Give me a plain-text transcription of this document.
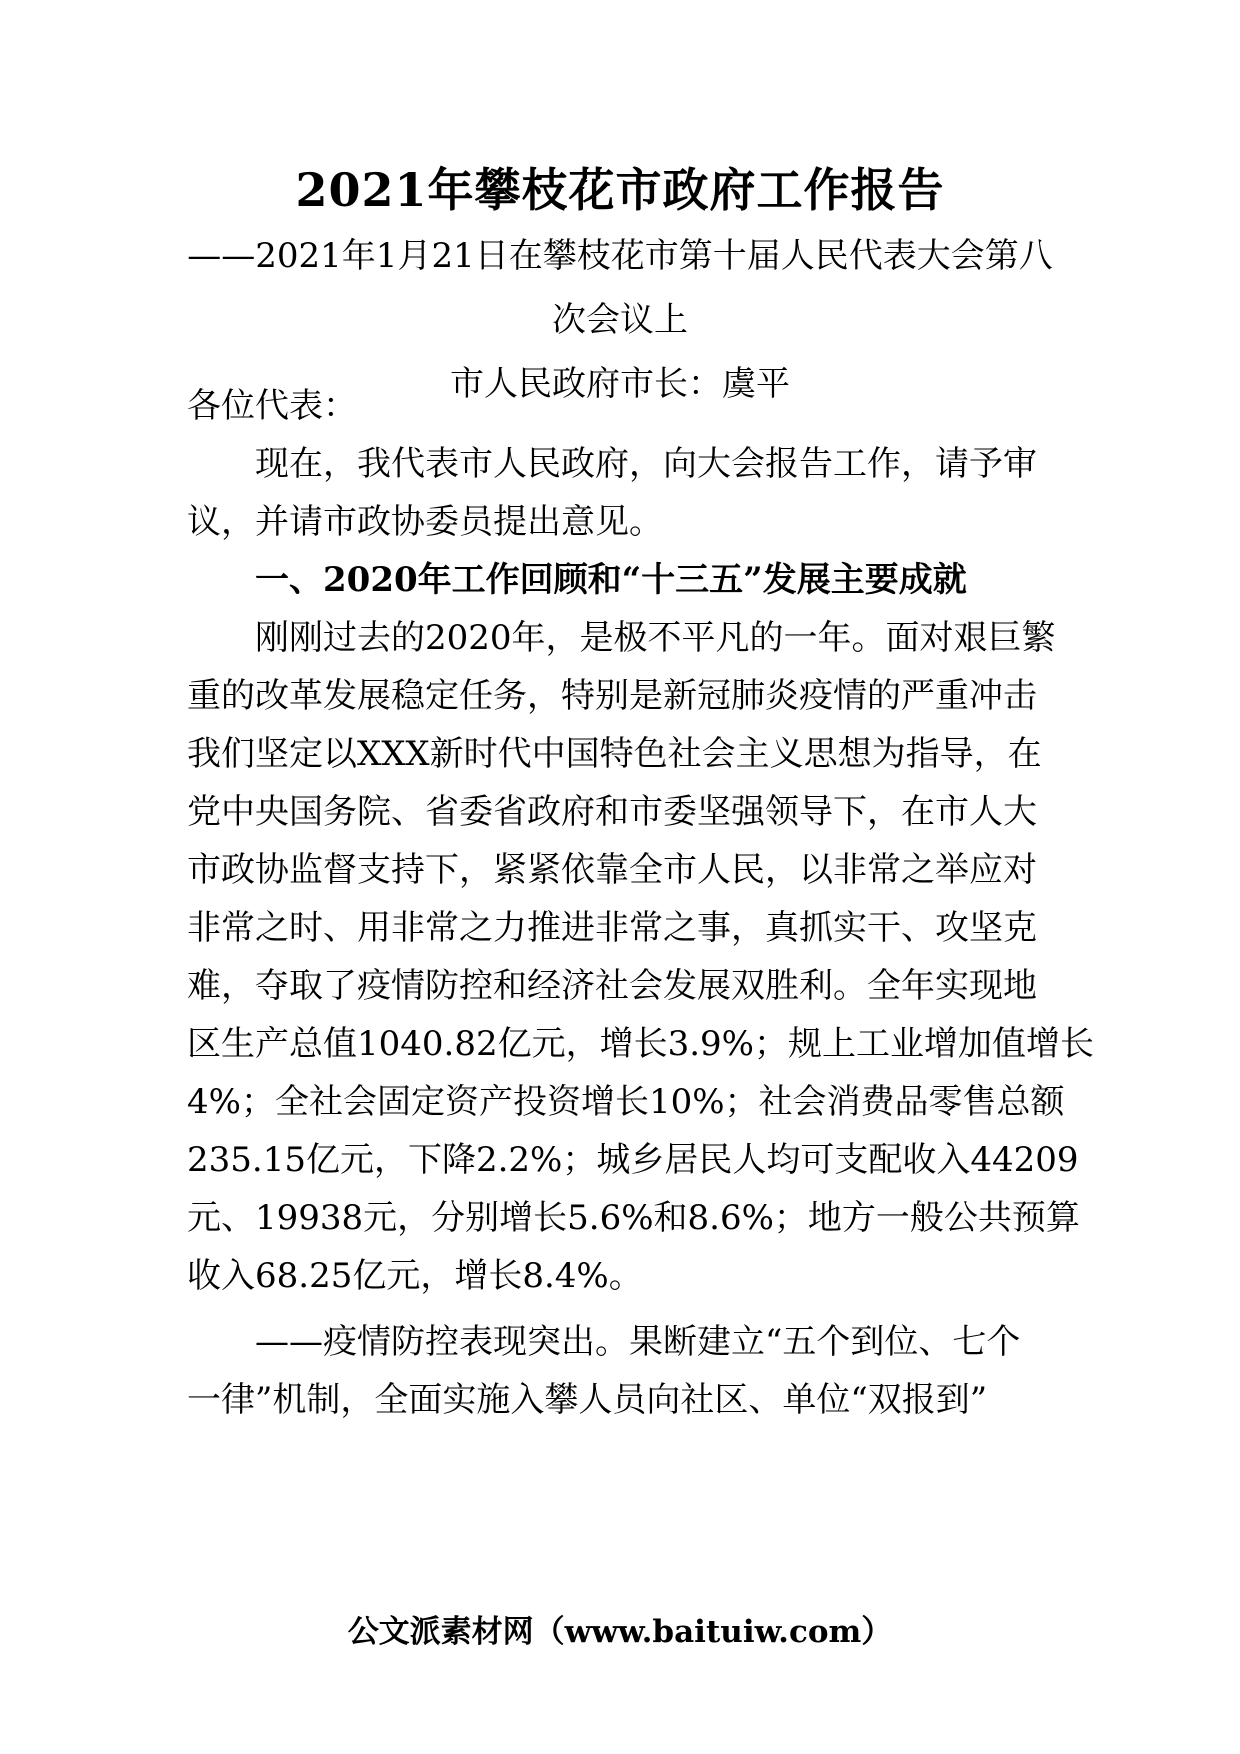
2021年攀枝花市政府工作报告
——2021年1月21日在攀枝花市第十届人民代表大会第八
次会议上
市人民政府市长：虞平
各位代表：
现在，我代表市人民政府，向大会报告工作，请予审
议，并请市政协委员提出意见。
一、2020年工作回顾和“十三五”发展主要成就
刚刚过去的2020年，是极不平凡的一年。面对艰巨繁
重的改革发展稳定任务，特别是新冠肺炎疫情的严重冲击
我们坚定以XXX新时代中国特色社会主义思想为指导，在
党中央国务院、省委省政府和市委坚强领导下，在市人大
市政协监督支持下，紧紧依靠全市人民，以非常之举应对
非常之时、用非常之力推进非常之事，真抓实干、攻坚克
难，夺取了疫情防控和经济社会发展双胜利。全年实现地
区生产总值1040.82亿元，增长3.9%；规上工业增加值增长
4%；全社会固定资产投资增长10%；社会消费品零售总额
235.15亿元，下降2.2%；城乡居民人均可支配收入44209
元、19938元，分别增长5.6%和8.6%；地方一般公共预算
收入68.25亿元，增长8.4%。
——疫情防控表现突出。果断建立“五个到位、七个
一律”机制，全面实施入攀人员向社区、单位“双报到”
公文派素材网（www.baituiw.com）
